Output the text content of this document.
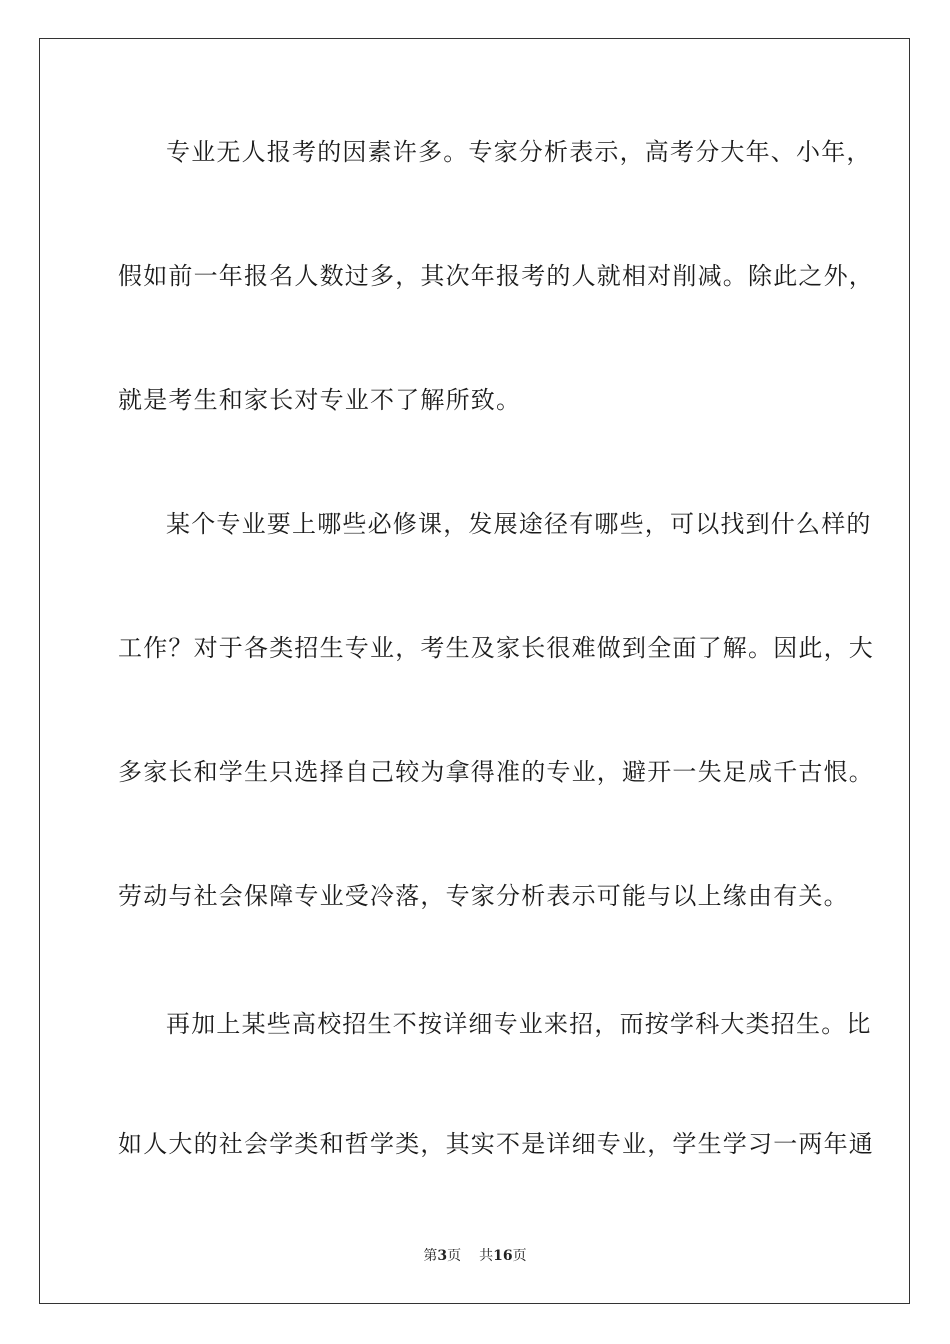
专业无人报考的因素许多。专家分析表示，高考分大年、小年，
假如前一年报名人数过多，其次年报考的人就相对削减。除此之外，
就是考生和家长对专业不了解所致。
某个专业要上哪些必修课，发展途径有哪些，可以找到什么样的
工作？对于各类招生专业，考生及家长很难做到全面了解。因此，大
多家长和学生只选择自己较为拿得准的专业，避开一失足成千古恨。
劳动与社会保障专业受冷落，专家分析表示可能与以上缘由有关。
再加上某些高校招生不按详细专业来招，而按学科大类招生。比
如人大的社会学类和哲学类，其实不是详细专业，学生学习一两年通
第3页 共16页
